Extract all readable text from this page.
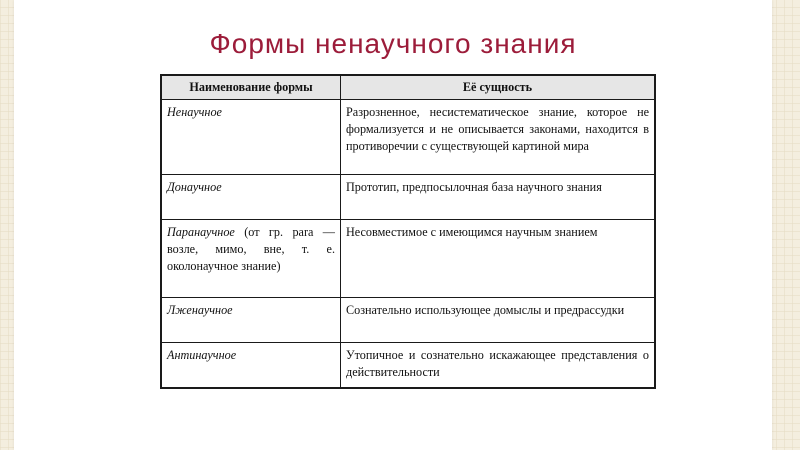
Формы ненаучного знания
Наименование формы	Её сущность
Ненаучное	Разрозненное, несистематическое знание, которое не формализуется и не описывается законами, находится в противоречии с существующей картиной мира
Донаучное	Прототип, предпосылочная база научного знания
Паранаучное (от гр. para — возле, мимо, вне, т. е. околонаучное знание)	Несовместимое с имеющимся научным знанием
Лженаучное	Сознательно использующее домыслы и предрассудки
Антинаучное	Утопичное и сознательно искажающее представления о действительности
